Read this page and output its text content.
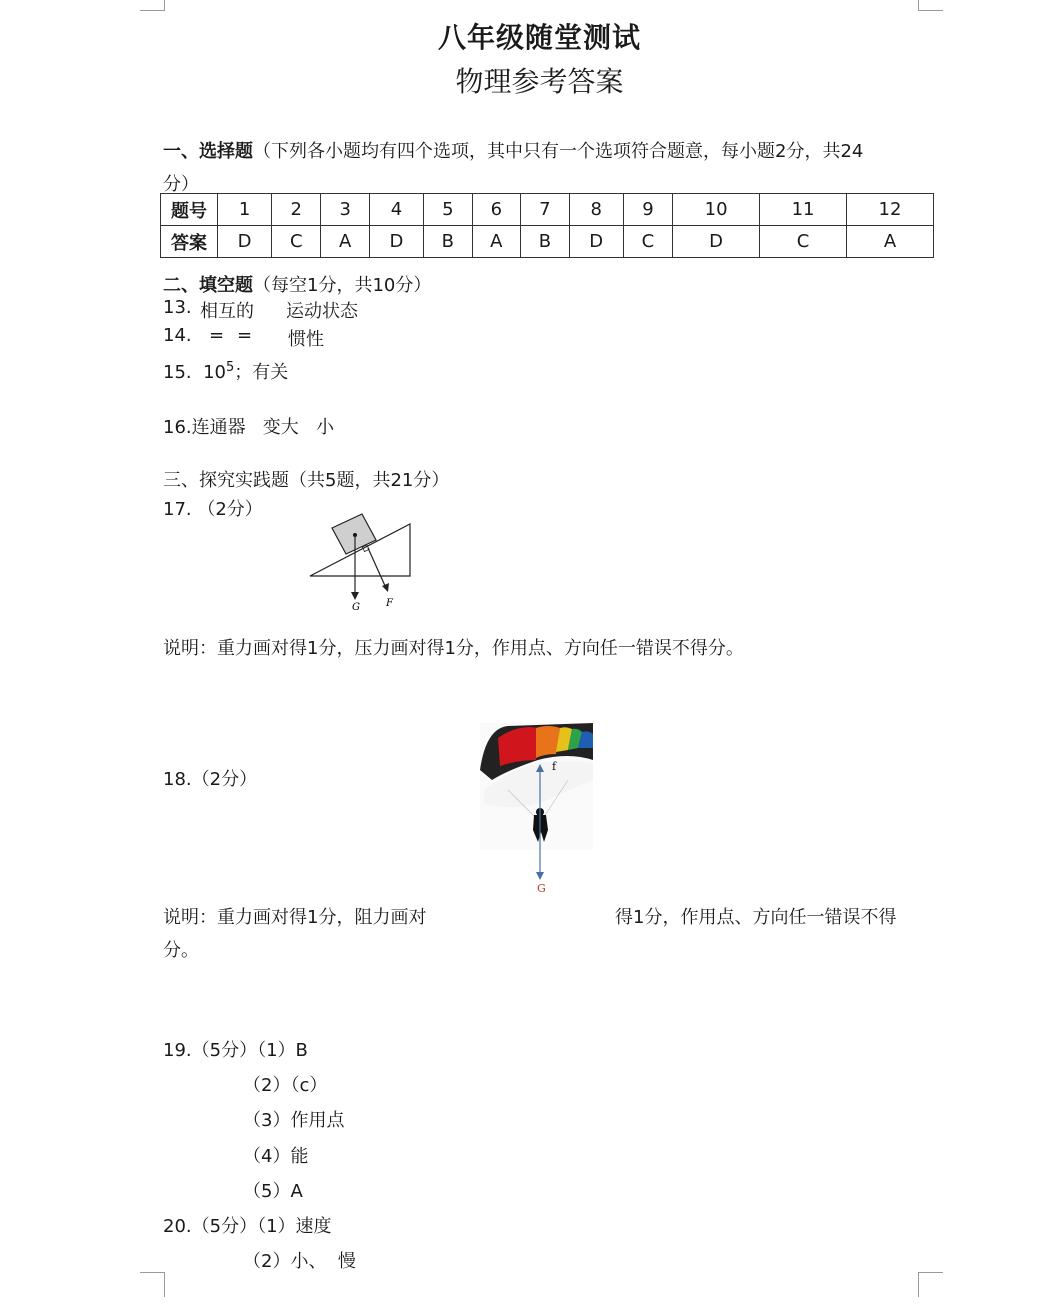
八年级随堂测试
物理参考答案
一、选择题（下列各小题均有四个选项，其中只有一个选项符合题意，每小题2分，共24
分）
题号	1	2	3	4	5	6	7	8	9	10	11	12
答案	D	C	A	D	B	A	B	D	C	D	C	A
二、填空题（每空1分，共10分）
13. 相互的 运动状态
14. = = 惯性
15. $10^5$；有关
16.连通器   变大   小
三、探究实践题（共5题，共21分）
17. （2分）
G	F
说明：重力画对得1分，压力画对得1分，作用点、方向任一错误不得分。
18.（2分）
f
G
说明：重力画对得1分，阻力画对	得1分，作用点、方向任一错误不得
分。
19.（5分）（1）B
（2）（c）
（3）作用点
（4）能
（5）A
20.（5分）（1）速度
（2）小、  慢
